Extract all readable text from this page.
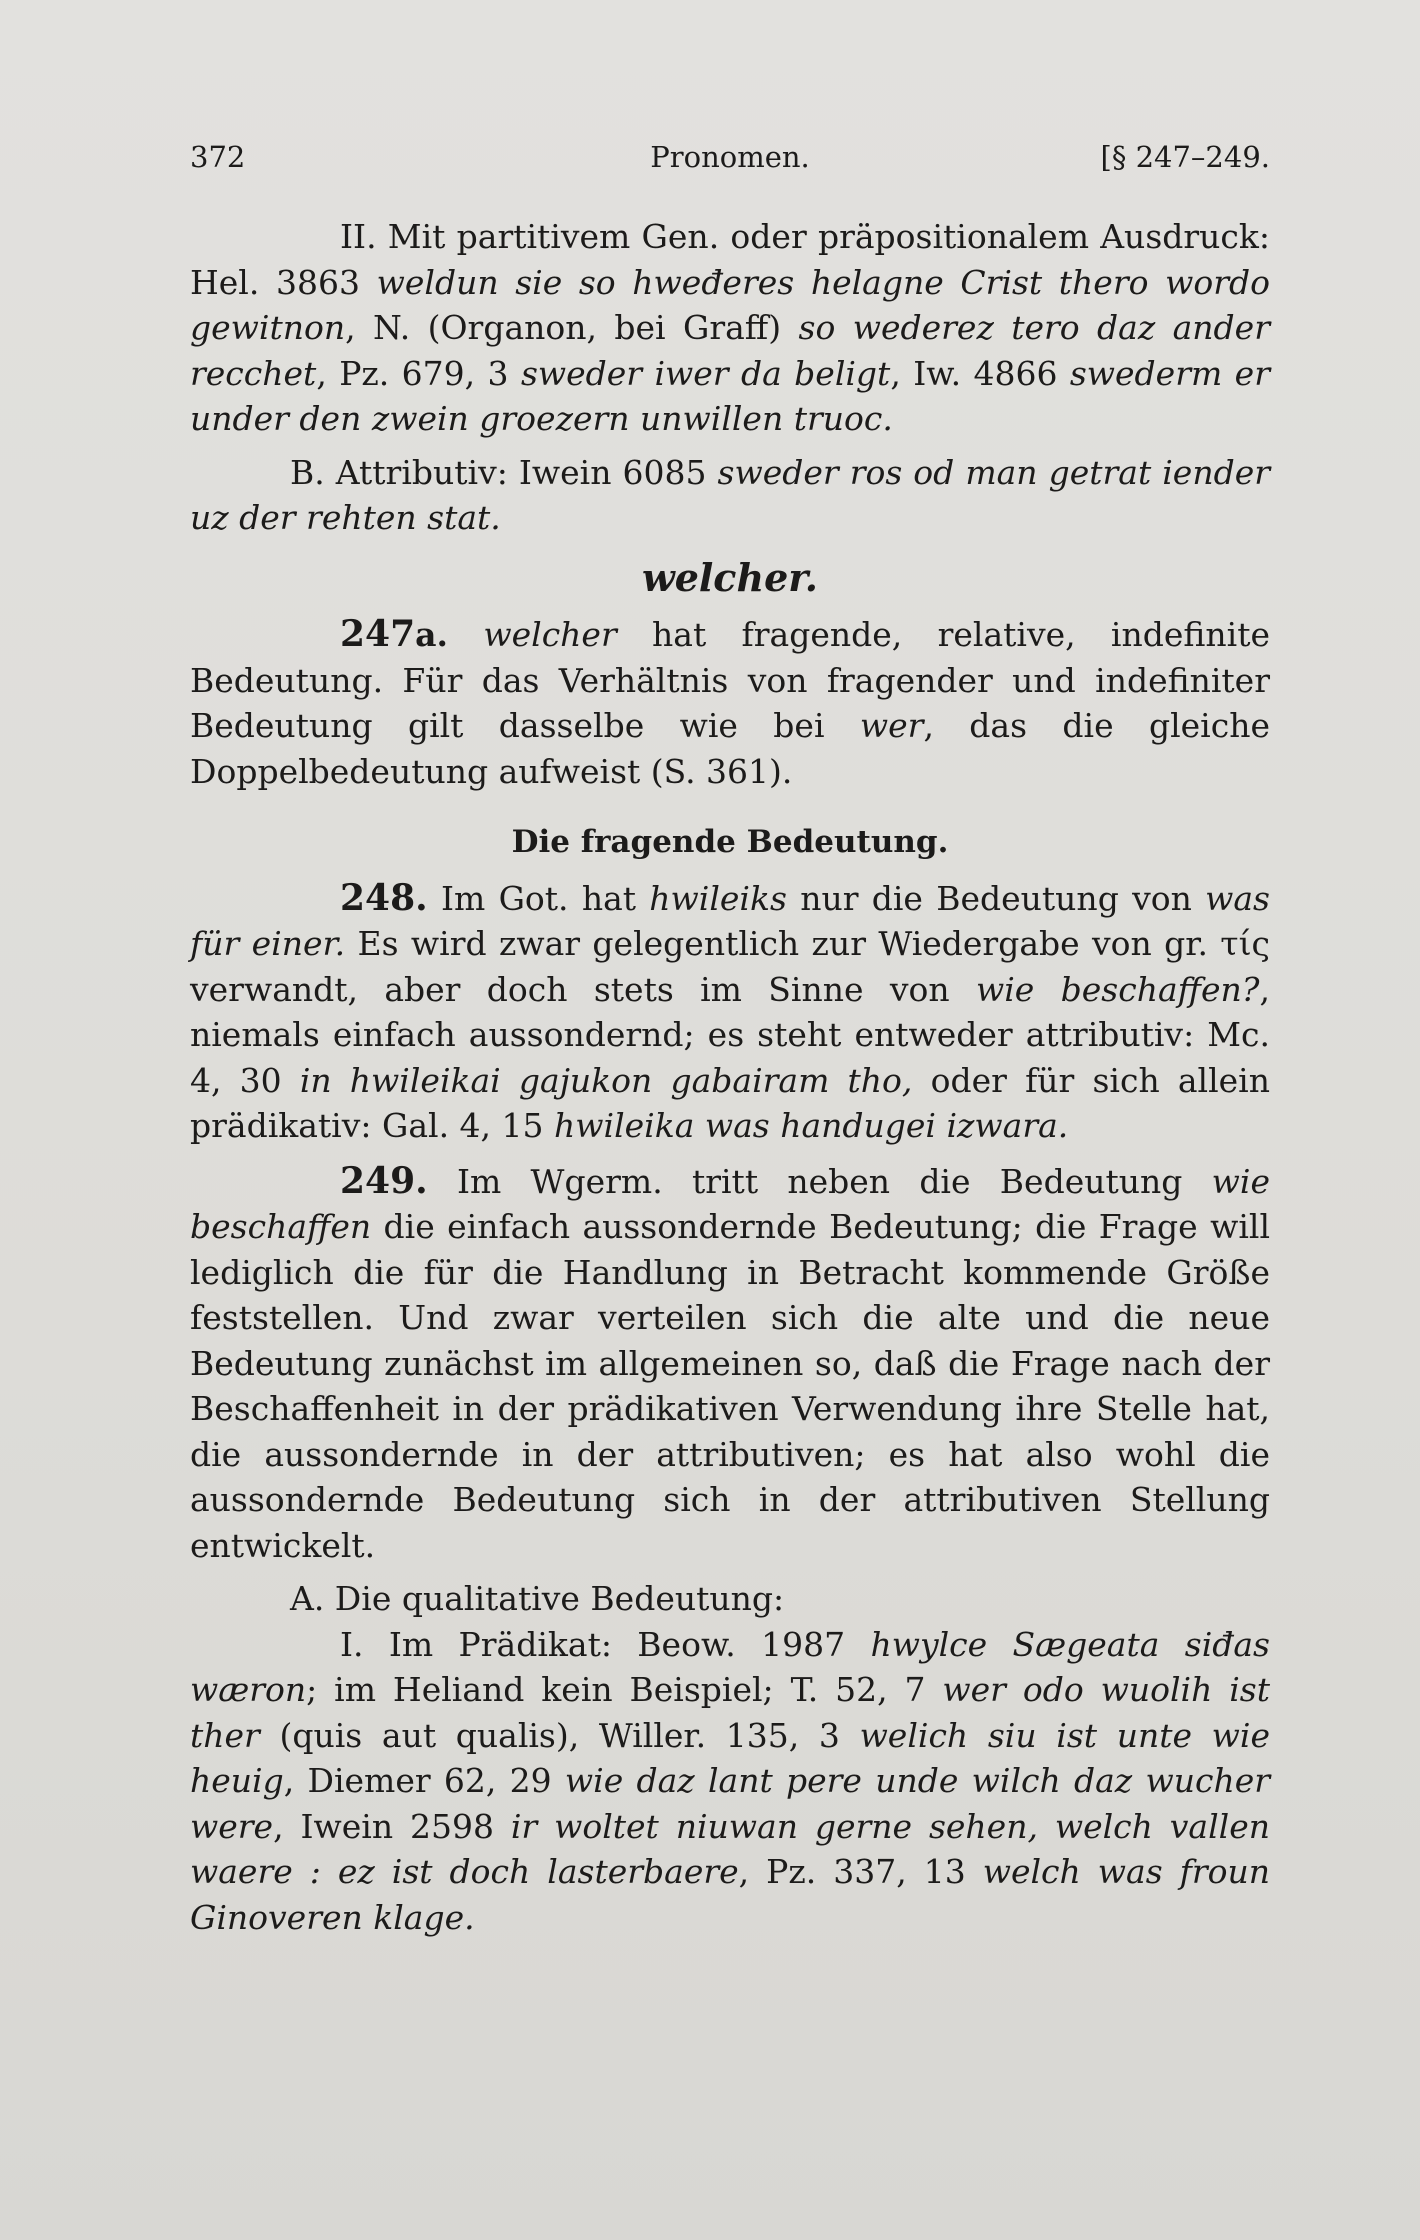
372	Pronomen.	[§ 247–249.

II. Mit partitivem Gen. oder präpositionalem Ausdruck: Hel. 3863 weldun sie so hweđeres helagne Crist thero wordo gewitnon, N. (Organon, bei Graff) so wederez tero daz ander recchet, Pz. 679, 3 sweder iwer da beligt, Iw. 4866 swederm er under den zwein groezern unwillen truoc.

B. Attributiv: Iwein 6085 sweder ros od man getrat iender uz der rehten stat.

welcher.

247a. welcher hat fragende, relative, indefinite Bedeutung. Für das Verhältnis von fragender und indefiniter Bedeutung gilt dasselbe wie bei wer, das die gleiche Doppelbedeutung aufweist (S. 361).

Die fragende Bedeutung.

248. Im Got. hat hwileiks nur die Bedeutung von was für einer. Es wird zwar gelegentlich zur Wiedergabe von gr. τίς verwandt, aber doch stets im Sinne von wie beschaffen?, niemals einfach aussondernd; es steht entweder attributiv: Mc. 4, 30 in hwileikai gajukon gabairam tho, oder für sich allein prädikativ: Gal. 4, 15 hwileika was handugei izwara.

249. Im Wgerm. tritt neben die Bedeutung wie beschaffen die einfach aussondernde Bedeutung; die Frage will lediglich die für die Handlung in Betracht kommende Größe feststellen. Und zwar verteilen sich die alte und die neue Bedeutung zunächst im allgemeinen so, daß die Frage nach der Beschaffenheit in der prädikativen Verwendung ihre Stelle hat, die aussondernde in der attributiven; es hat also wohl die aussondernde Bedeutung sich in der attributiven Stellung entwickelt.

A. Die qualitative Bedeutung:

I. Im Prädikat: Beow. 1987 hwylce Sægeata siđas wæron; im Heliand kein Beispiel; T. 52, 7 wer odo wuolih ist ther (quis aut qualis), Willer. 135, 3 welich siu ist unte wie heuig, Diemer 62, 29 wie daz lant pere unde wilch daz wucher were, Iwein 2598 ir woltet niuwan gerne sehen, welch vallen waere : ez ist doch lasterbaere, Pz. 337, 13 welch was froun Ginoveren klage.
